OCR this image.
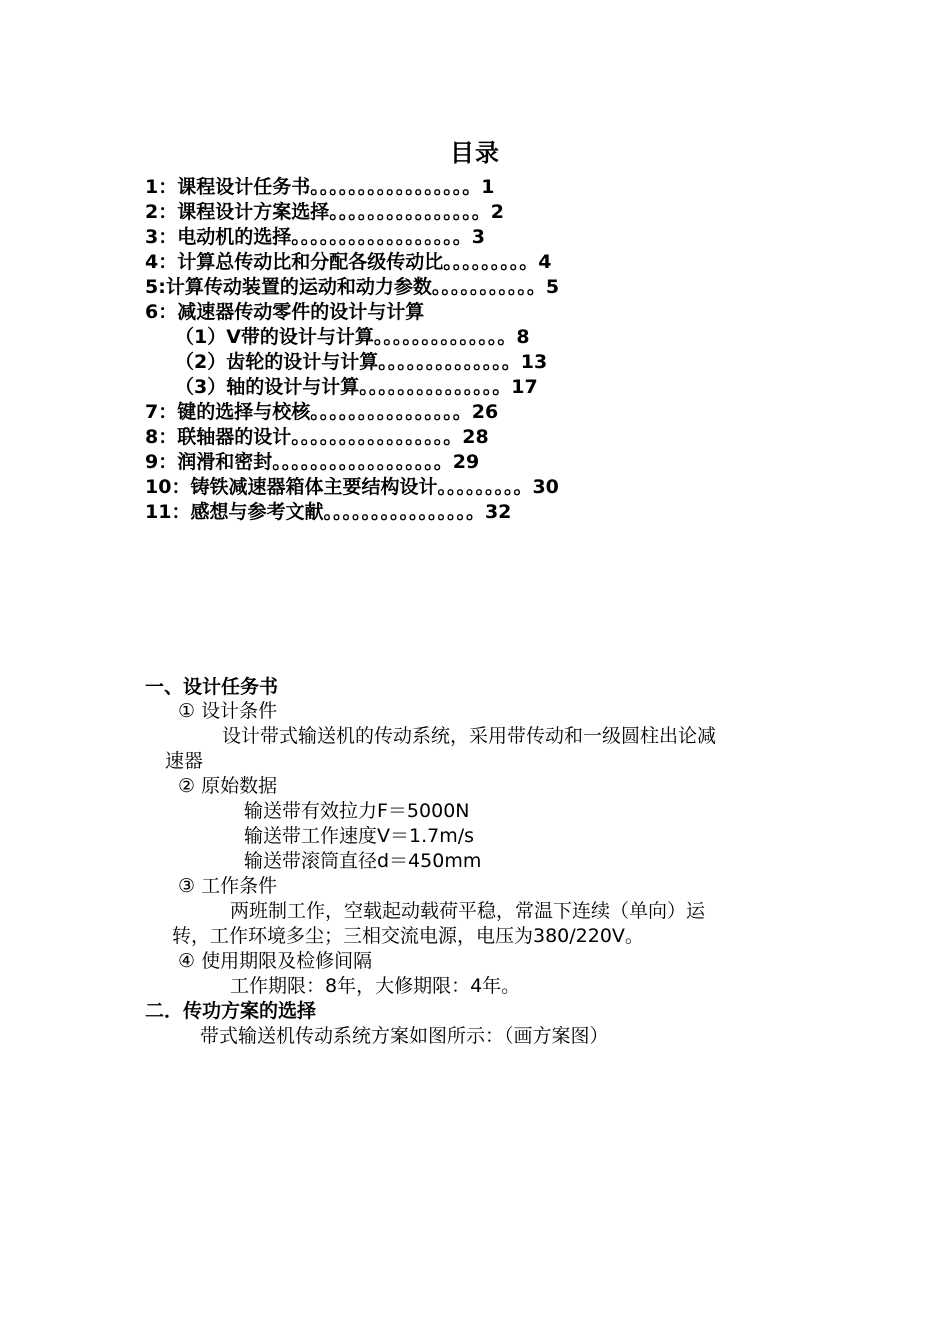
目录
1：课程设计任务书。。。。。。。。。。。。。。。。。1
2：课程设计方案选择。。。。。。。。。。。。。。。。2
3：电动机的选择。。。。。。。。。。。。。。。。。。3
4：计算总传动比和分配各级传动比。。。。。。。。。4
5:计算传动装置的运动和动力参数。。。。。。。。。。。5
6：减速器传动零件的设计与计算
（1）V带的设计与计算。。。。。。。。。。。。。。8
（2）齿轮的设计与计算。。。。。。。。。。。。。。13
（3）轴的设计与计算。。。。。。。。。。。。。。。17
7：键的选择与校核。。。。。。。。。。。。。。。。26
8：联轴器的设计。。。。。。。。。。。。。。。。。28
9：润滑和密封。。。。。。。。。。。。。。。。。。29
10：铸铁减速器箱体主要结构设计。。。。。。。。。30
11：感想与参考文献。。。。。。。。。。。。。。。。32
一、设计任务书
① 设计条件
设计带式输送机的传动系统，采用带传动和一级圆柱出论减
速器
② 原始数据
输送带有效拉力F＝5000N
输送带工作速度V＝1.7m/s
输送带滚筒直径d＝450mm
③ 工作条件
两班制工作，空载起动载荷平稳，常温下连续（单向）运
转，工作环境多尘；三相交流电源，电压为380/220V。
④ 使用期限及检修间隔
工作期限：8年，大修期限：4年。
二．传功方案的选择
带式输送机传动系统方案如图所示：（画方案图）
